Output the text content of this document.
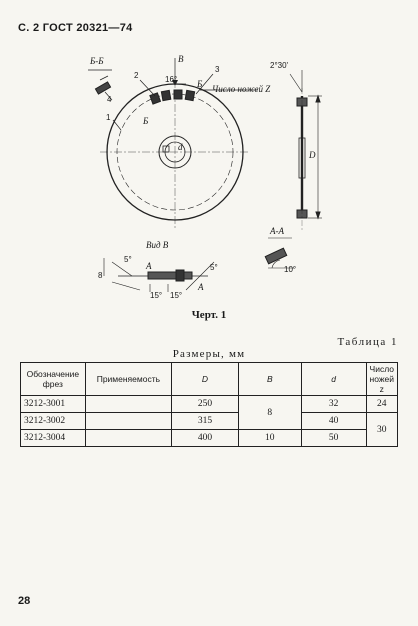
С. 2 ГОСТ 20321—74
Б-Б
4
2
В
16°
3
Б Число ножей Z
1	Б
d
2°30'
D
А-А
10°
Вид В
А
А
8
5°
5°
15° 15°
Черт. 1
Таблица 1
Размеры, мм
Обозначение фрез	Применяемость	D	B	d	Число ножей z
3212-3001		250	8	32	24
3212-3002		315		40	30
3212-3004		400	10	50	
28
